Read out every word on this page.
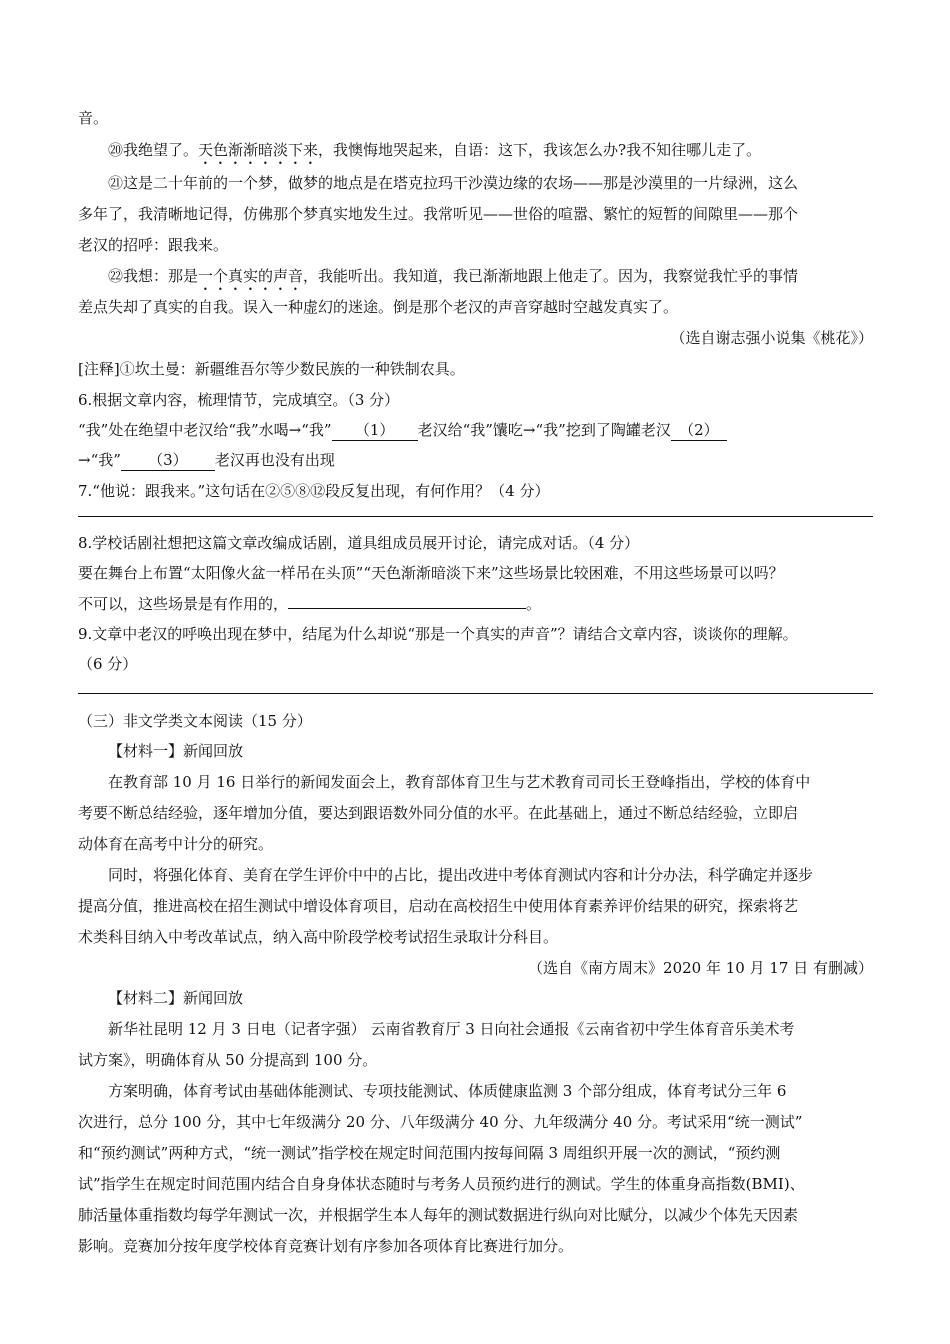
音。
⑳我绝望了。天色渐渐暗淡下来，我懊悔地哭起来，自语：这下，我该怎么办?我不知往哪儿走了。
㉑这是二十年前的一个梦，做梦的地点是在塔克拉玛干沙漠边缘的农场——那是沙漠里的一片绿洲，这么
多年了，我清晰地记得，仿佛那个梦真实地发生过。我常听见——世俗的喧嚣、繁忙的短暂的间隙里——那个
老汉的招呼：跟我来。
㉒我想：那是一个真实的声音，我能听出。我知道，我已渐渐地跟上他走了。因为，我察觉我忙乎的事情
差点失却了真实的自我。误入一种虚幻的迷途。倒是那个老汉的声音穿越时空越发真实了。
（选自谢志强小说集《桃花》）
[注释]①坎土曼：新疆维吾尔等少数民族的一种铁制农具。
6.根据文章内容，梳理情节，完成填空。（3 分）
“我”处在绝望中老汉给“我”水喝→“我” （1） 老汉给“我”馕吃→“我”挖到了陶罐老汉 （2）
→“我” （3） 老汉再也没有出现
7.“他说：跟我来。”这句话在②⑤⑧⑫段反复出现，有何作用？（4 分）
8.学校话剧社想把这篇文章改编成话剧，道具组成员展开讨论，请完成对话。（4 分）
要在舞台上布置“太阳像火盆一样吊在头顶”“天色渐渐暗淡下来”这些场景比较困难，不用这些场景可以吗？
不可以，这些场景是有作用的，	。
9.文章中老汉的呼唤出现在梦中，结尾为什么却说“那是一个真实的声音”？请结合文章内容，谈谈你的理解。
（6 分）
（三）非文学类文本阅读（15 分）
【材料一】新闻回放
在教育部 10 月 16 日举行的新闻发面会上，教育部体育卫生与艺术教育司司长王登峰指出，学校的体育中
考要不断总结经验，逐年增加分值，要达到跟语数外同分值的水平。在此基础上，通过不断总结经验，立即启
动体育在高考中计分的研究。
同时，将强化体育、美育在学生评价中中的占比，提出改进中考体育测试内容和计分办法，科学确定并逐步
提高分值，推进高校在招生测试中增设体育项目，启动在高校招生中使用体育素养评价结果的研究，探索将艺
术类科目纳入中考改革试点，纳入高中阶段学校考试招生录取计分科目。
（选自《南方周末》2020 年 10 月 17 日 有删减）
【材料二】新闻回放
新华社昆明 12 月 3 日电（记者字强） 云南省教育厅 3 日向社会通报《云南省初中学生体育音乐美术考
试方案》，明确体育从 50 分提高到 100 分。
方案明确，体育考试由基础体能测试、专项技能测试、体质健康监测 3 个部分组成，体育考试分三年 6
次进行，总分 100 分，其中七年级满分 20 分、八年级满分 40 分、九年级满分 40 分。考试采用“统一测试”
和“预约测试”两种方式，“统一测试”指学校在规定时间范围内按每间隔 3 周组织开展一次的测试，“预约测
试”指学生在规定时间范围内结合自身身体状态随时与考务人员预约进行的测试。学生的体重身高指数(BMI)、
肺活量体重指数均每学年测试一次，并根据学生本人每年的测试数据进行纵向对比赋分，以减少个体先天因素
影响。竞赛加分按年度学校体育竞赛计划有序参加各项体育比赛进行加分。
